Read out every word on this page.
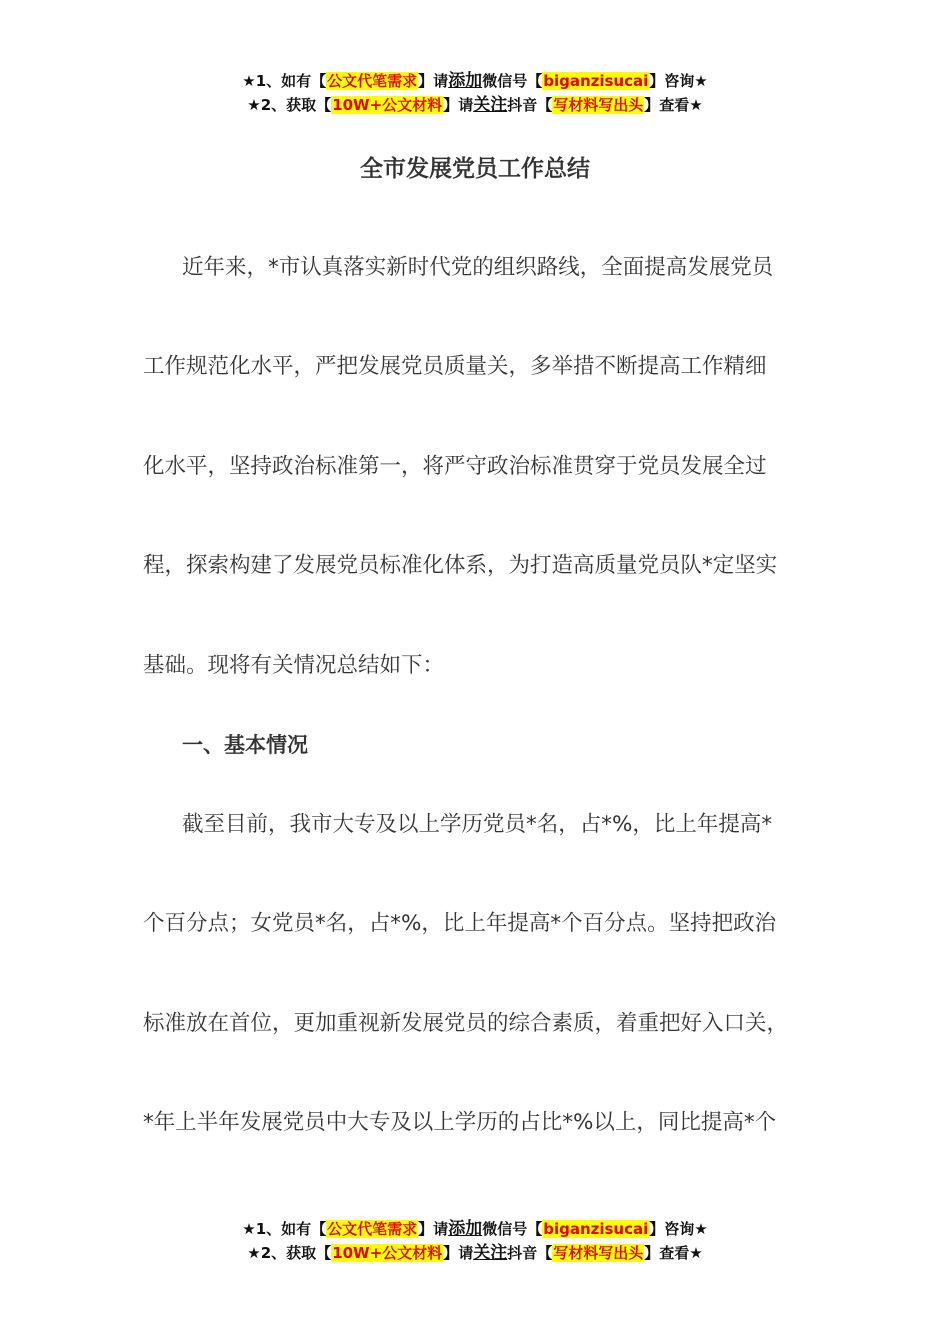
★1、如有【公文代笔需求】请添加微信号【biganzisucai】咨询★
★2、获取【10W+公文材料】请关注抖音【写材料写出头】查看★
全市发展党员工作总结
近年来，*市认真落实新时代党的组织路线，全面提高发展党员
工作规范化水平，严把发展党员质量关，多举措不断提高工作精细
化水平，坚持政治标准第一，将严守政治标准贯穿于党员发展全过
程，探索构建了发展党员标准化体系，为打造高质量党员队*定坚实
基础。现将有关情况总结如下：
一、基本情况
截至目前，我市大专及以上学历党员*名，占*%，比上年提高*
个百分点；女党员*名，占*%，比上年提高*个百分点。坚持把政治
标准放在首位，更加重视新发展党员的综合素质，着重把好入口关，
*年上半年发展党员中大专及以上学历的占比*%以上，同比提高*个
★1、如有【公文代笔需求】请添加微信号【biganzisucai】咨询★
★2、获取【10W+公文材料】请关注抖音【写材料写出头】查看★
